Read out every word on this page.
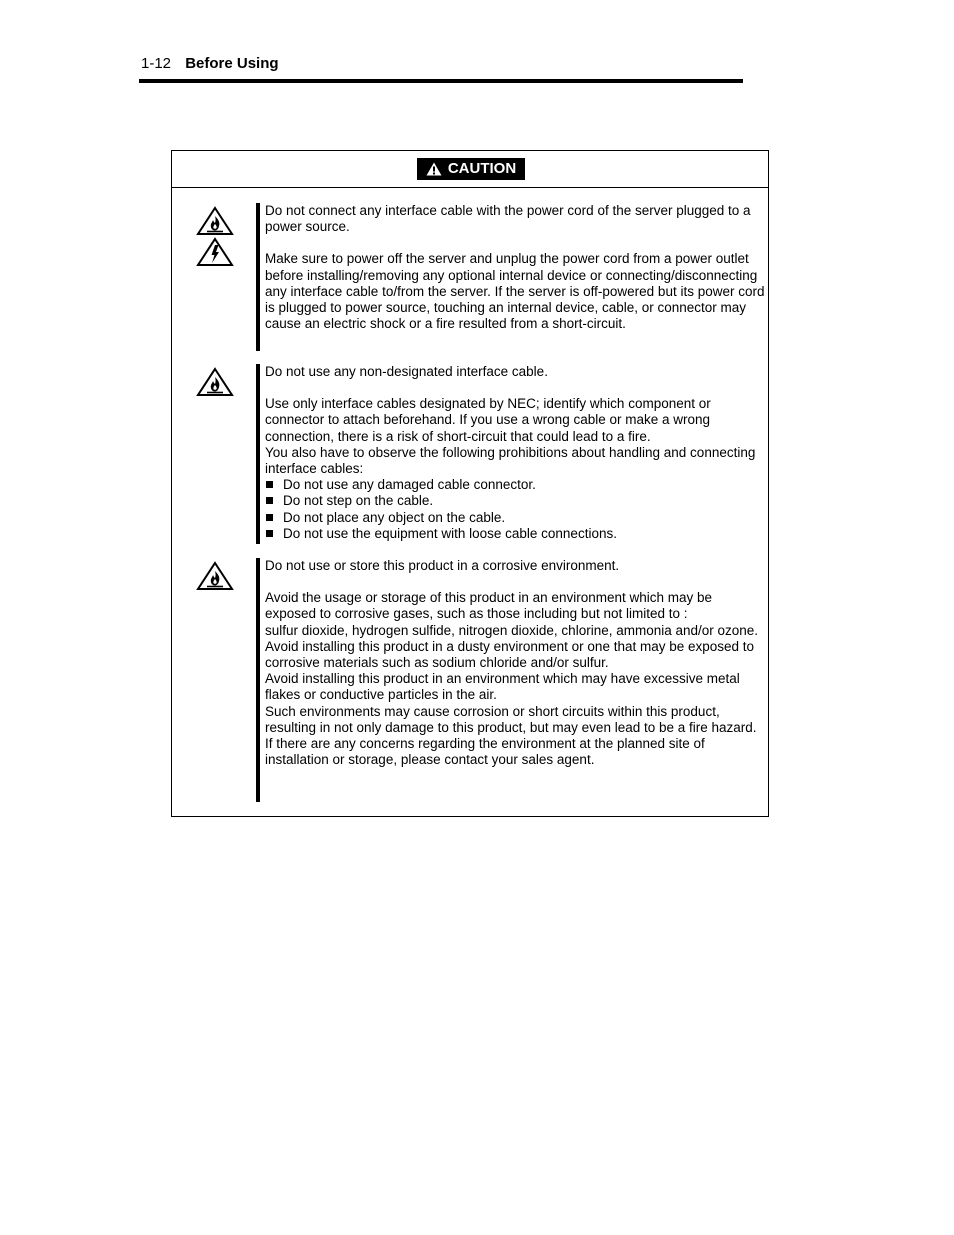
1-12 Before Using
CAUTION

Do not connect any interface cable with the power cord of the server plugged to a power source.

Make sure to power off the server and unplug the power cord from a power outlet before installing/removing any optional internal device or connecting/disconnecting any interface cable to/from the server. If the server is off-powered but its power cord is plugged to power source, touching an internal device, cable, or connector may cause an electric shock or a fire resulted from a short-circuit.

Do not use any non-designated interface cable.

Use only interface cables designated by NEC; identify which component or connector to attach beforehand. If you use a wrong cable or make a wrong connection, there is a risk of short-circuit that could lead to a fire.

You also have to observe the following prohibitions about handling and connecting interface cables:

Do not use any damaged cable connector.
Do not step on the cable.
Do not place any object on the cable.
Do not use the equipment with loose cable connections.

Do not use or store this product in a corrosive environment.

Avoid the usage or storage of this product in an environment which may be exposed to corrosive gases, such as those including but not limited to :

sulfur dioxide, hydrogen sulfide, nitrogen dioxide, chlorine, ammonia and/or ozone.

Avoid installing this product in a dusty environment or one that may be exposed to corrosive materials such as sodium chloride and/or sulfur.

Avoid installing this product in an environment which may have excessive metal flakes or conductive particles in the air.

Such environments may cause corrosion or short circuits within this product, resulting in not only damage to this product, but may even lead to be a fire hazard.

If there are any concerns regarding the environment at the planned site of installation or storage, please contact your sales agent.
